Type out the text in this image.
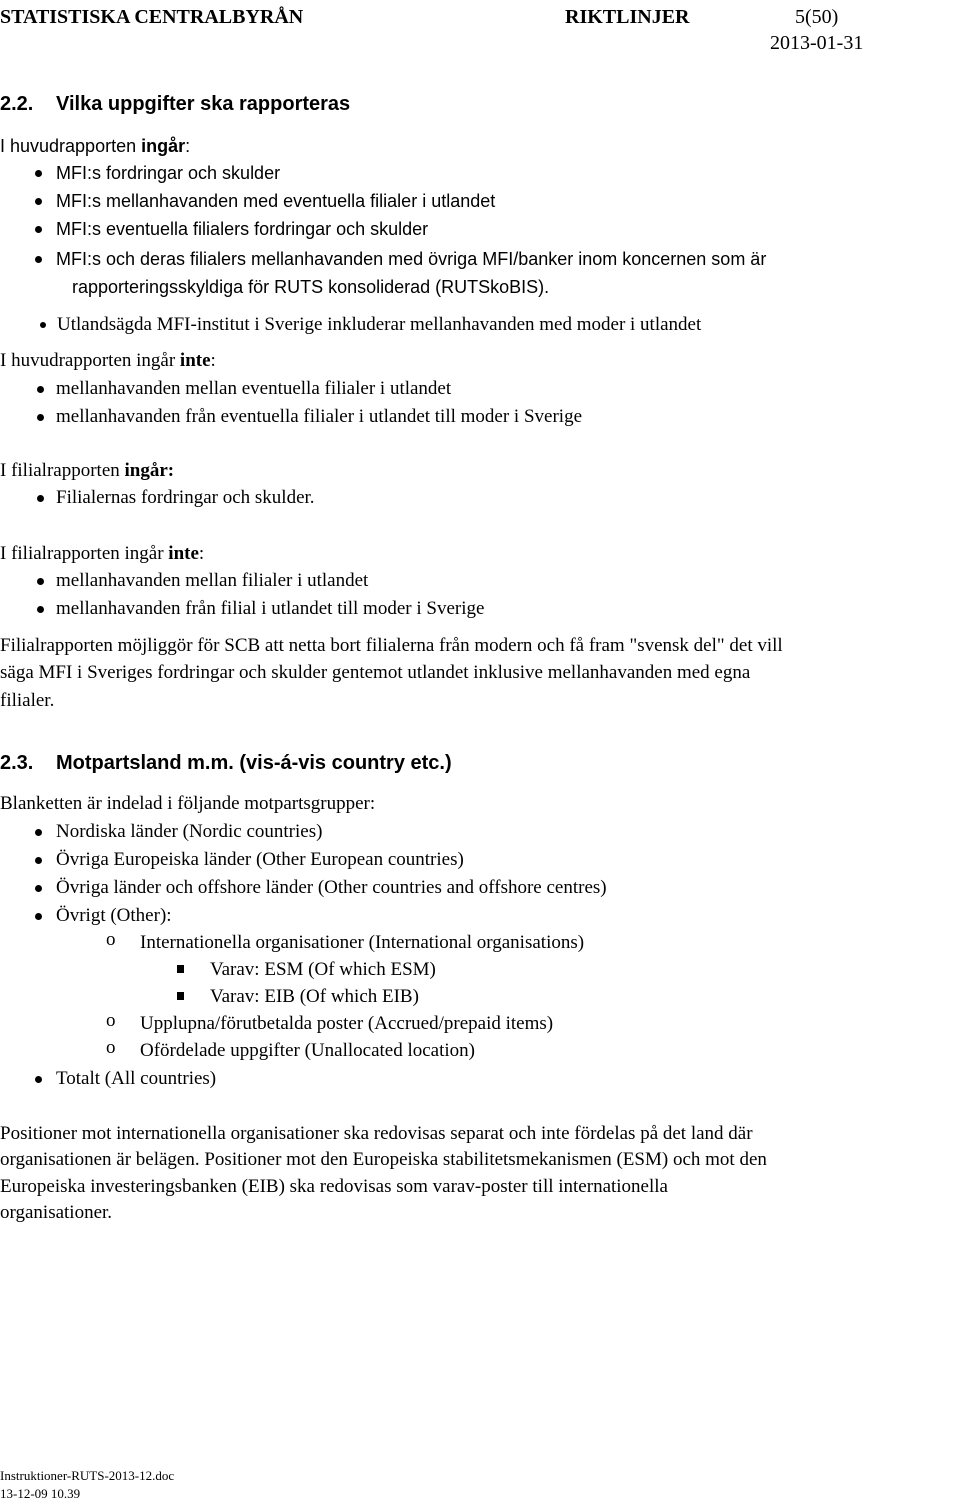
STATISTISKA CENTRALBYRÅN	RIKTLINJER	5(50)
2013-01-31
2.2. Vilka uppgifter ska rapporteras
I huvudrapporten ingår:
MFI:s fordringar och skulder
MFI:s mellanhavanden med eventuella filialer i utlandet
MFI:s eventuella filialers fordringar och skulder
MFI:s och deras filialers mellanhavanden med övriga MFI/banker inom koncernen som är
rapporteringsskyldiga för RUTS konsoliderad (RUTSkoBIS).
Utlandsägda MFI-institut i Sverige inkluderar mellanhavanden med moder i utlandet
I huvudrapporten ingår inte:
mellanhavanden mellan eventuella filialer i utlandet
mellanhavanden från eventuella filialer i utlandet till moder i Sverige
I filialrapporten ingår:
Filialernas fordringar och skulder.
I filialrapporten ingår inte:
mellanhavanden mellan filialer i utlandet
mellanhavanden från filial i utlandet till moder i Sverige
Filialrapporten möjliggör för SCB att netta bort filialerna från modern och få fram "svensk del" det vill
säga MFI i Sveriges fordringar och skulder gentemot utlandet inklusive mellanhavanden med egna
filialer.
2.3. Motpartsland m.m. (vis-á-vis country etc.)
Blanketten är indelad i följande motpartsgrupper:
Nordiska länder (Nordic countries)
Övriga Europeiska länder (Other European countries)
Övriga länder och offshore länder (Other countries and offshore centres)
Övrigt (Other):
o Internationella organisationer (International organisations)
Varav: ESM (Of which ESM)
Varav: EIB (Of which EIB)
o Upplupna/förutbetalda poster (Accrued/prepaid items)
o Ofördelade uppgifter (Unallocated location)
Totalt (All countries)
Positioner mot internationella organisationer ska redovisas separat och inte fördelas på det land där
organisationen är belägen. Positioner mot den Europeiska stabilitetsmekanismen (ESM) och mot den
Europeiska investeringsbanken (EIB) ska redovisas som varav-poster till internationella
organisationer.
Instruktioner-RUTS-2013-12.doc
13-12-09 10.39
